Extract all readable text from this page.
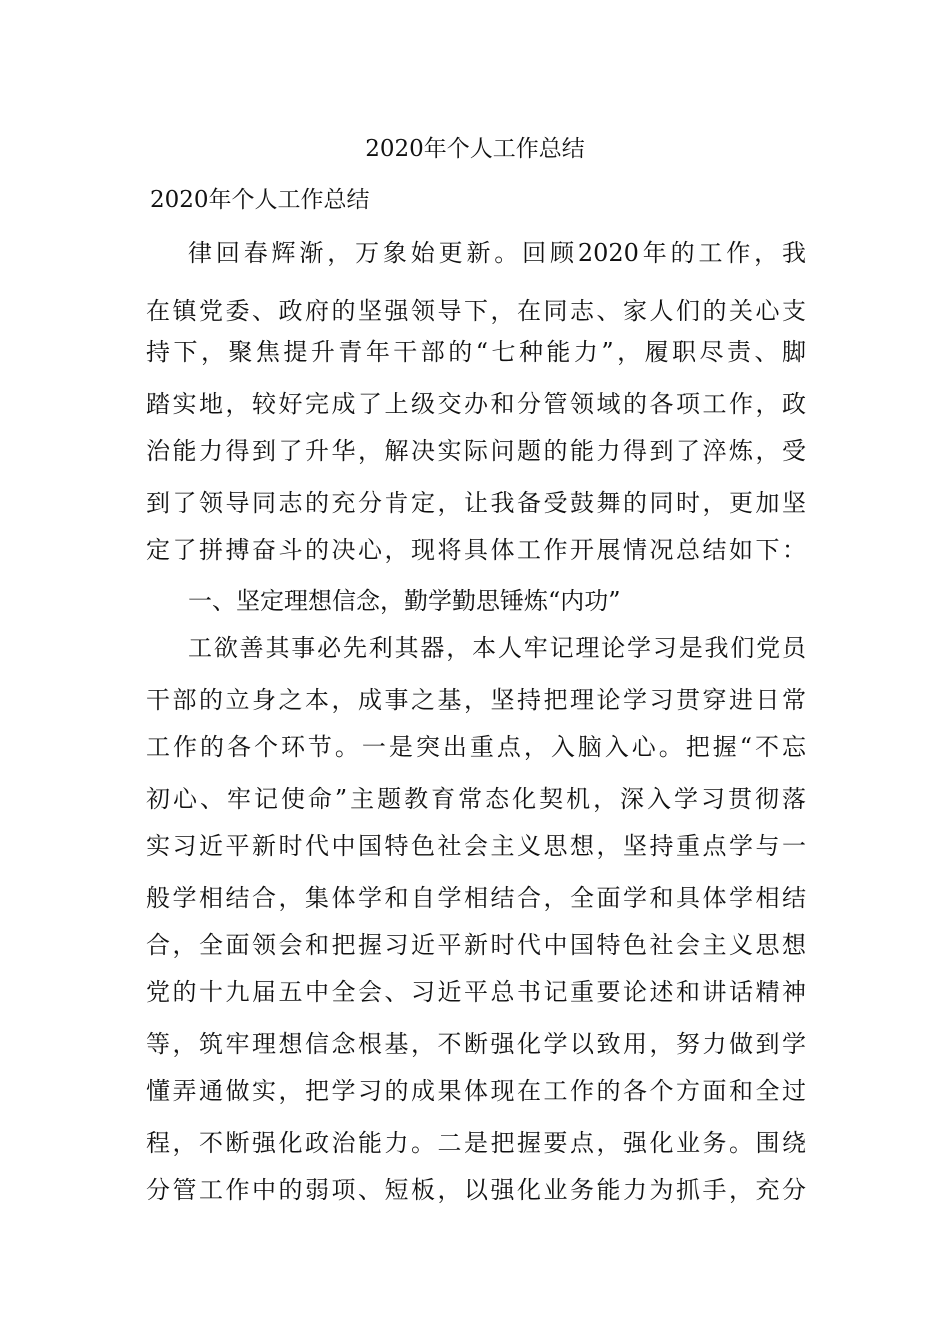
2020年个人工作总结
2020年个人工作总结

律回春辉渐，万象始更新。回顾2020年的工作，我

在镇党委、政府的坚强领导下，在同志、家人们的关心支

持下，聚焦提升青年干部的“七种能力”，履职尽责、脚

踏实地，较好完成了上级交办和分管领域的各项工作，政

治能力得到了升华，解决实际问题的能力得到了淬炼，受

到了领导同志的充分肯定，让我备受鼓舞的同时，更加坚

定了拼搏奋斗的决心，现将具体工作开展情况总结如下：

一、坚定理想信念，勤学勤思锤炼“内功”

工欲善其事必先利其器，本人牢记理论学习是我们党员

干部的立身之本，成事之基，坚持把理论学习贯穿进日常

工作的各个环节。一是突出重点，入脑入心。把握“不忘

初心、牢记使命”主题教育常态化契机，深入学习贯彻落

实习近平新时代中国特色社会主义思想，坚持重点学与一

般学相结合，集体学和自学相结合，全面学和具体学相结

合，全面领会和把握习近平新时代中国特色社会主义思想

党的十九届五中全会、习近平总书记重要论述和讲话精神

等，筑牢理想信念根基，不断强化学以致用，努力做到学

懂弄通做实，把学习的成果体现在工作的各个方面和全过

程，不断强化政治能力。二是把握要点，强化业务。围绕

分管工作中的弱项、短板，以强化业务能力为抓手，充分
